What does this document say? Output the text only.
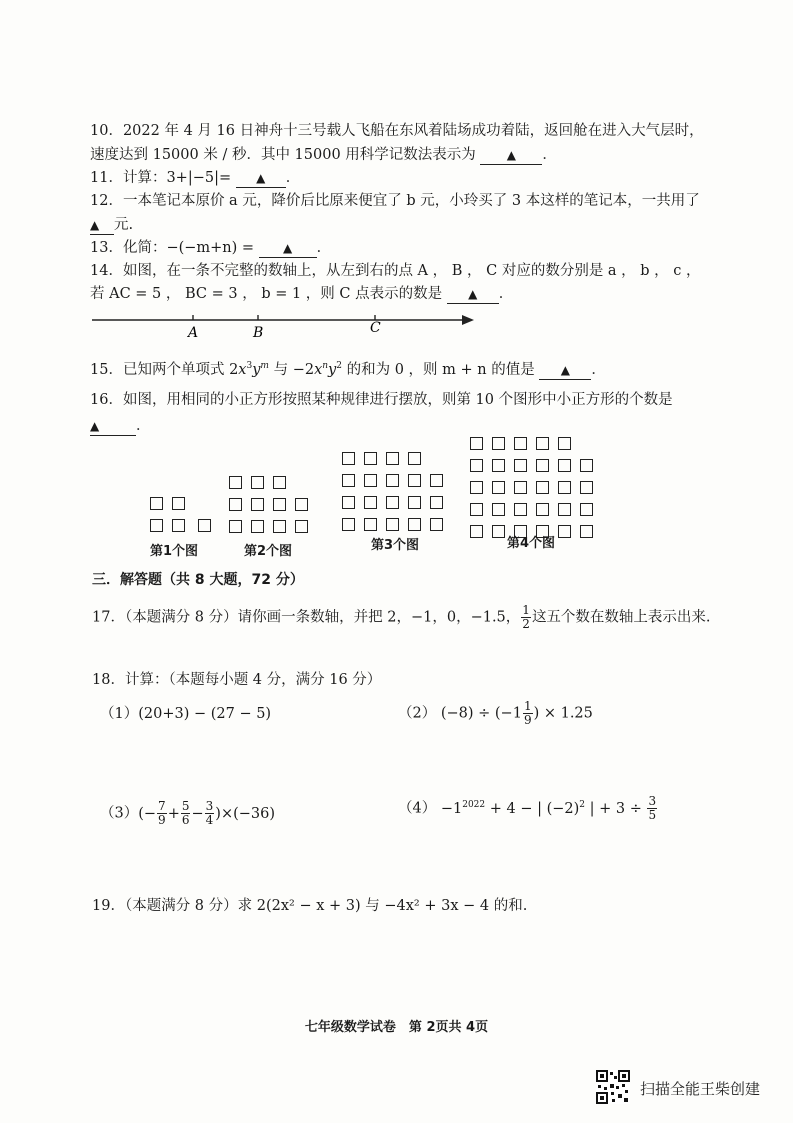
10．2022 年 4 月 16 日神舟十三号载人飞船在东风着陆场成功着陆，返回舱在进入大气层时，
速度达到 15000 米 / 秒．其中 15000 用科学记数法表示为	▲ ．
11．计算：3+|−5|= ▲ ．
12．一本笔记本原价 a 元，降价后比原来便宜了 b 元，小玲买了 3 本这样的笔记本，一共用了
▲ 元.
13．化简：−(−m+n) = ▲ ．
14．如图，在一条不完整的数轴上，从左到右的点 A ， B ， C 对应的数分别是 a ， b ， c ，
若 AC = 5 ， BC = 3 ， b = 1 ，则 C 点表示的数是 ▲ ．
A	B	C
15．已知两个单项式 $2x^3y^m$ 与 $-2x^ny^2$ 的和为 0 ，则 m + n 的值是 ▲ ．
16．如图，用相同的小正方形按照某种规律进行摆放，则第 10 个图形中小正方形的个数是
▲	．
第1个图	第2个图	第3个图	第4个图
三．解答题（共 8 大题，72 分）
17．（本题满分 8 分）请你画一条数轴，并把 2，−1，0，−1.5， $\frac{1}{2}$ 这五个数在数轴上表示出来.
18．计算：（本题每小题 4 分，满分 16 分）
（1）(20+3) − (27 − 5)	（2） $(-8) \div (-1 \frac{1}{9}$ ) × 1.25
$(3)(- \frac{7}{9} + \frac{5}{6} - \frac{3}{4} )\times(-36)$	$(4) -1^{2022} + 4$ − | $(-2)^2$ | + $3 \div \frac{3}{5}$
19．（本题满分 8 分）求 2(2x² − x + 3) 与 −4x² + 3x − 4 的和.
七年级数学试卷　第 2页共 4页
扫描全能王柴创建
